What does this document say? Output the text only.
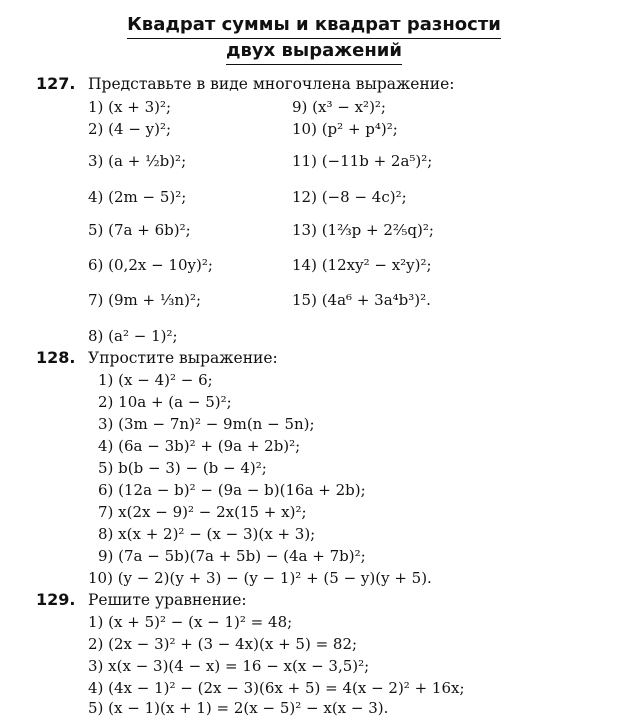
Квадрат суммы и квадрат разности
двух выражений
127. Представьте в виде многочлена выражение:
1) (x + 3)²;
2) (4 − y)²;
3) (a + ½b)²;
4) (2m − 5)²;
5) (7a + 6b)²;
6) (0,2x − 10y)²;
7) (9m + ⅓n)²;
8) (a² − 1)²;
9) (x³ − x²)²;
10) (p² + p⁴)²;
11) (−11b + 2a⁵)²;
12) (−8 − 4c)²;
13) (1⅔p + 2⅖q)²;
14) (12xy² − x²y)²;
15) (4a⁶ + 3a⁴b³)².
128. Упростите выражение:
1) (x − 4)² − 6;
2) 10a + (a − 5)²;
3) (3m − 7n)² − 9m(n − 5n);
4) (6a − 3b)² + (9a + 2b)²;
5) b(b − 3) − (b − 4)²;
6) (12a − b)² − (9a − b)(16a + 2b);
7) x(2x − 9)² − 2x(15 + x)²;
8) x(x + 2)² − (x − 3)(x + 3);
9) (7a − 5b)(7a + 5b) − (4a + 7b)²;
10) (y − 2)(y + 3) − (y − 1)² + (5 − y)(y + 5).
129. Решите уравнение:
1) (x + 5)² − (x − 1)² = 48;
2) (2x − 3)² + (3 − 4x)(x + 5) = 82;
3) x(x − 3)(4 − x) = 16 − x(x − 3,5)²;
4) (4x − 1)² − (2x − 3)(6x + 5) = 4(x − 2)² + 16x;
5) (x − 1)(x + 1) = 2(x − 5)² − x(x − 3).
